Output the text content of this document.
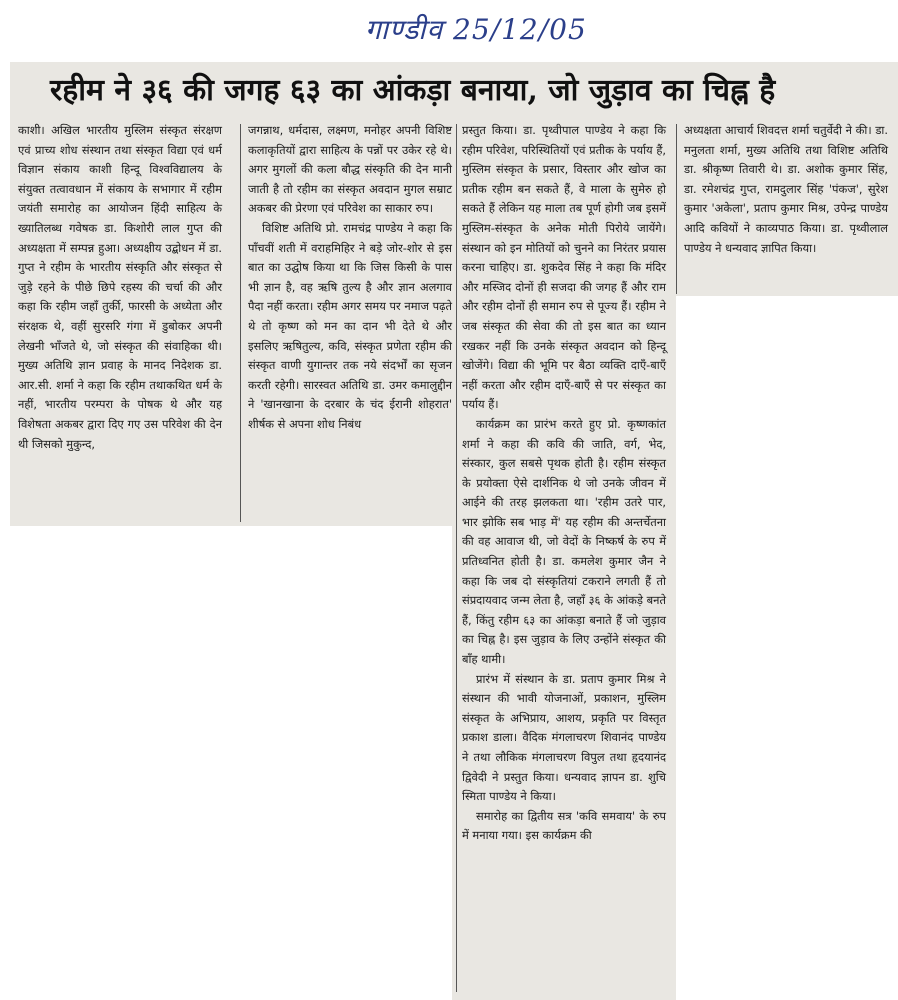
गाण्डीव 25/12/05
रहीम ने ३६ की जगह ६३ का आंकड़ा बनाया, जो जुड़ाव का चिह्न है

काशी। अखिल भारतीय मुस्लिम संस्कृत संरक्षण एवं प्राच्य शोध संस्थान तथा संस्कृत विद्या एवं धर्म विज्ञान संकाय काशी हिन्दू विश्वविद्यालय के संयुक्त तत्वावधान में संकाय के सभागार में रहीम जयंती समारोह का आयोजन हिंदी साहित्य के ख्यातिलब्ध गवेषक डा. किशोरी लाल गुप्त की अध्यक्षता में सम्पन्न हुआ। अध्यक्षीय उद्बोधन में डा. गुप्त ने रहीम के भारतीय संस्कृति और संस्कृत से जुड़े रहने के पीछे छिपे रहस्य की चर्चा की और कहा कि रहीम जहाँ तुर्की, फारसी के अध्येता और संरक्षक थे, वहीं सुरसरि गंगा में डुबोकर अपनी लेखनी भाँजते थे, जो संस्कृत की संवाहिका थी। मुख्य अतिथि ज्ञान प्रवाह के मानद निदेशक डा. आर.सी. शर्मा ने कहा कि रहीम तथाकथित धर्म के नहीं, भारतीय परम्परा के पोषक थे और यह विशेषता अकबर द्वारा दिए गए उस परिवेश की देन थी जिसको मुकुन्द,

जगन्नाथ, धर्मदास, लक्ष्मण, मनोहर अपनी विशिष्ट कलाकृतियों द्वारा साहित्य के पन्नों पर उकेर रहे थे। अगर मुगलों की कला बौद्ध संस्कृति की देन मानी जाती है तो रहीम का संस्कृत अवदान मुगल सम्राट अकबर की प्रेरणा एवं परिवेश का साकार रुप।

विशिष्ट अतिथि प्रो. रामचंद्र पाण्डेय ने कहा कि पाँचवीं शती में वराहमिहिर ने बड़े जोर-शोर से इस बात का उद्घोष किया था कि जिस किसी के पास भी ज्ञान है, वह ऋषि तुल्य है और ज्ञान अलगाव पैदा नहीं करता। रहीम अगर समय पर नमाज पढ़ते थे तो कृष्ण को मन का दान भी देते थे और इसलिए ऋषितुल्य, कवि, संस्कृत प्रणेता रहीम की संस्कृत वाणी युगान्तर तक नये संदर्भों का सृजन करती रहेगी। सारस्वत अतिथि डा. उमर कमालुद्दीन ने 'खानखाना के दरबार के चंद ईरानी शोहरात' शीर्षक से अपना शोध निबंध

प्रस्तुत किया। डा. पृथ्वीपाल पाण्डेय ने कहा कि रहीम परिवेश, परिस्थितियों एवं प्रतीक के पर्याय हैं, मुस्लिम संस्कृत के प्रसार, विस्तार और खोज का प्रतीक रहीम बन सकते हैं, वे माला के सुमेरु हो सकते हैं लेकिन यह माला तब पूर्ण होगी जब इसमें मुस्लिम-संस्कृत के अनेक मोती पिरोये जायेंगे। संस्थान को इन मोतियों को चुनने का निरंतर प्रयास करना चाहिए। डा. शुकदेव सिंह ने कहा कि मंदिर और मस्जिद दोनों ही सजदा की जगह हैं और राम और रहीम दोनों ही समान रुप से पूज्य हैं। रहीम ने जब संस्कृत की सेवा की तो इस बात का ध्यान रखकर नहीं कि उनके संस्कृत अवदान को हिन्दू खोजेंगे। विद्या की भूमि पर बैठा व्यक्ति दाएँ-बाएँ नहीं करता और रहीम दाएँ-बाएँ से पर संस्कृत का पर्याय हैं।

कार्यक्रम का प्रारंभ करते हुए प्रो. कृष्णकांत शर्मा ने कहा की कवि की जाति, वर्ग, भेद, संस्कार, कुल सबसे पृथक होती है। रहीम संस्कृत के प्रयोक्ता ऐसे दार्शनिक थे जो उनके जीवन में आईने की तरह झलकता था। 'रहीम उतरे पार, भार झोकि सब भाड़ में' यह रहीम की अन्तर्चेतना की वह आवाज थी, जो वेदों के निष्कर्ष के रुप में प्रतिध्वनित होती है। डा. कमलेश कुमार जैन ने कहा कि जब दो संस्कृतियां टकराने लगती हैं तो संप्रदायवाद जन्म लेता है, जहाँ ३६ के आंकड़े बनते हैं, किंतु रहीम ६३ का आंकड़ा बनाते हैं जो जुड़ाव का चिह्न है। इस जुड़ाव के लिए उन्होंने संस्कृत की बाँह थामी।

प्रारंभ में संस्थान के डा. प्रताप कुमार मिश्र ने संस्थान की भावी योजनाओं, प्रकाशन, मुस्लिम संस्कृत के अभिप्राय, आशय, प्रकृति पर विस्तृत प्रकाश डाला। वैदिक मंगलाचरण शिवानंद पाण्डेय ने तथा लौकिक मंगलाचरण विपुल तथा हृदयानंद द्विवेदी ने प्रस्तुत किया। धन्यवाद ज्ञापन डा. शुचि स्मिता पाण्डेय ने किया।

समारोह का द्वितीय सत्र 'कवि समवाय' के रुप में मनाया गया। इस कार्यक्रम की

अध्यक्षता आचार्य शिवदत्त शर्मा चतुर्वेदी ने की। डा. मनुलता शर्मा, मुख्य अतिथि तथा विशिष्ट अतिथि डा. श्रीकृष्ण तिवारी थे। डा. अशोक कुमार सिंह, डा. रमेशचंद्र गुप्त, रामदुलार सिंह 'पंकज', सुरेश कुमार 'अकेला', प्रताप कुमार मिश्र, उपेन्द्र पाण्डेय आदि कवियों ने काव्यपाठ किया। डा. पृथ्वीलाल पाण्डेय ने धन्यवाद ज्ञापित किया।
